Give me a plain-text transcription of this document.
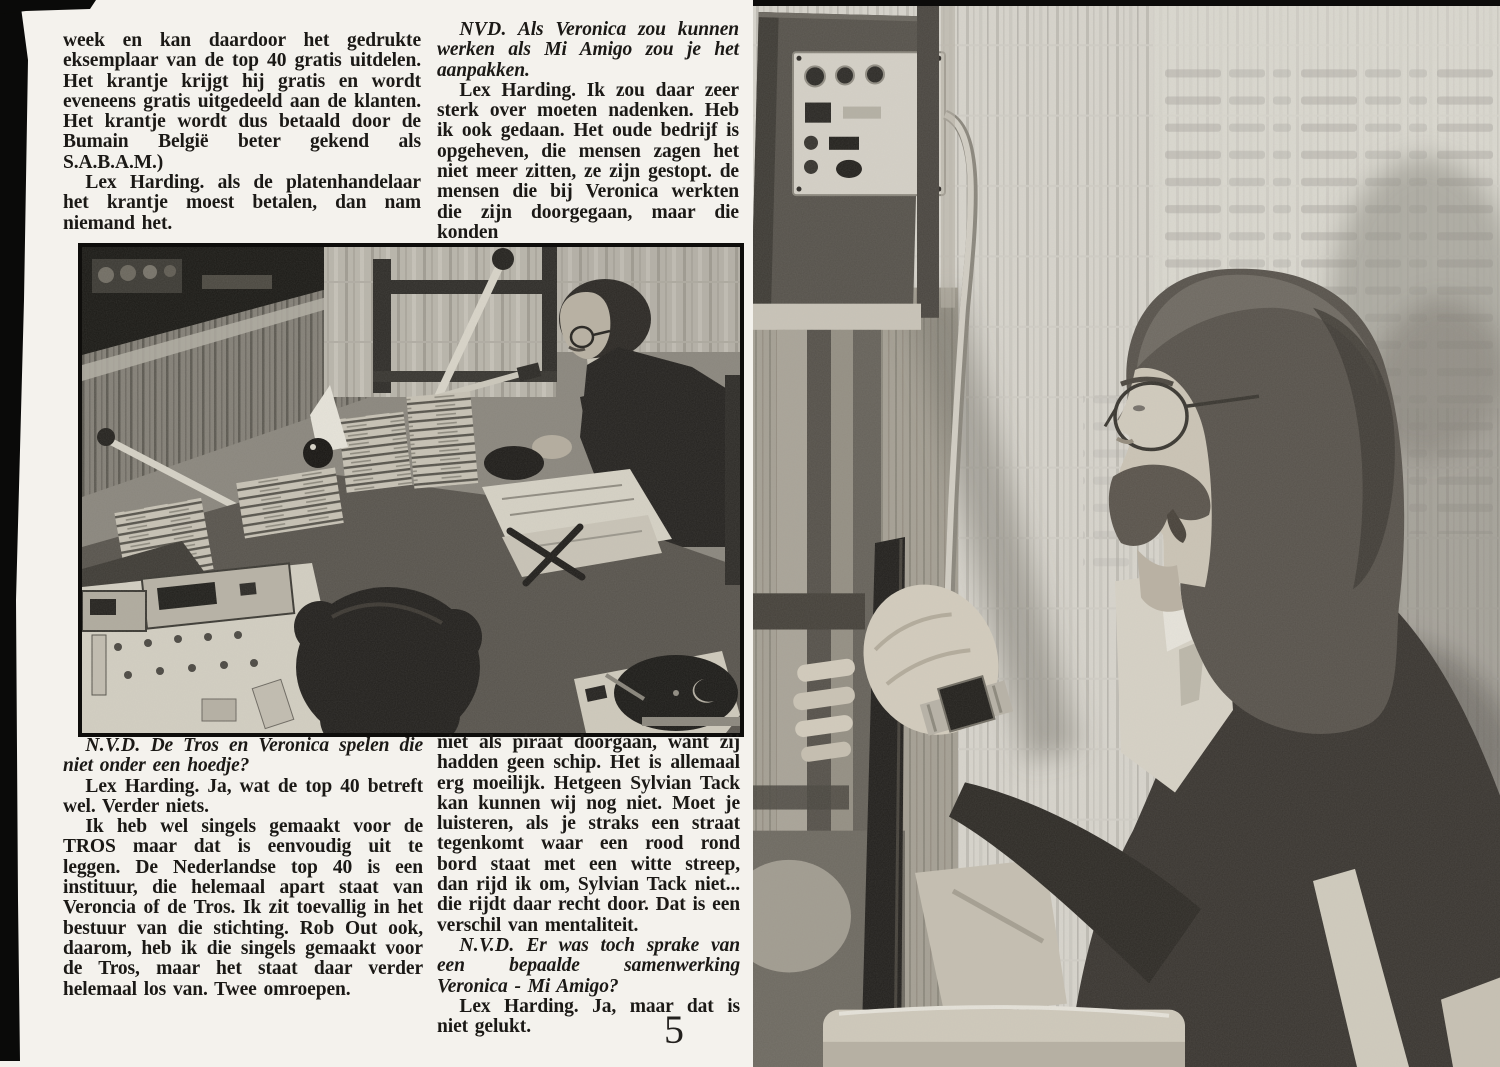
week en kan daardoor het gedrukte eksemplaar van de top 40 gratis uitdelen. Het krantje krijgt hij gratis en wordt eveneens gratis uitgedeeld aan de klanten. Het krantje wordt dus betaald door de Bumain België beter gekend als S.A.B.A.M.)

Lex Harding. als de platenhandelaar het krantje moest betalen, dan nam niemand het.

NVD. Als Veronica zou kunnen werken als Mi Amigo zou je het aanpakken.

Lex Harding. Ik zou daar zeer sterk over moeten nadenken. Heb ik ook gedaan. Het oude bedrijf is opgeheven, die mensen zagen het niet meer zitten, ze zijn gestopt. de mensen die bij Veronica werkten die zijn doorgegaan, maar die konden

N.V.D. De Tros en Veronica spelen die niet onder een hoedje?

Lex Harding. Ja, wat de top 40 betreft wel. Verder niets.

Ik heb wel singels gemaakt voor de TROS maar dat is eenvoudig uit te leggen. De Nederlandse top 40 is een instituur, die helemaal apart staat van Veroncia of de Tros. Ik zit toevallig in het bestuur van die stichting. Rob Out ook, daarom, heb ik die singels gemaakt voor de Tros, maar het staat daar verder helemaal los van. Twee omroepen.

niet als piraat doorgaan, want zij hadden geen schip. Het is allemaal erg moeilijk. Hetgeen Sylvian Tack kan kunnen wij nog niet. Moet je luisteren, als je straks een straat tegenkomt waar een rood rond bord staat met een witte streep, dan rijd ik om, Sylvian Tack niet... die rijdt daar recht door. Dat is een verschil van mentaliteit.

N.V.D. Er was toch sprake van een bepaalde samenwerking Veronica - Mi Amigo?

Lex Harding. Ja, maar dat is niet gelukt.	5
